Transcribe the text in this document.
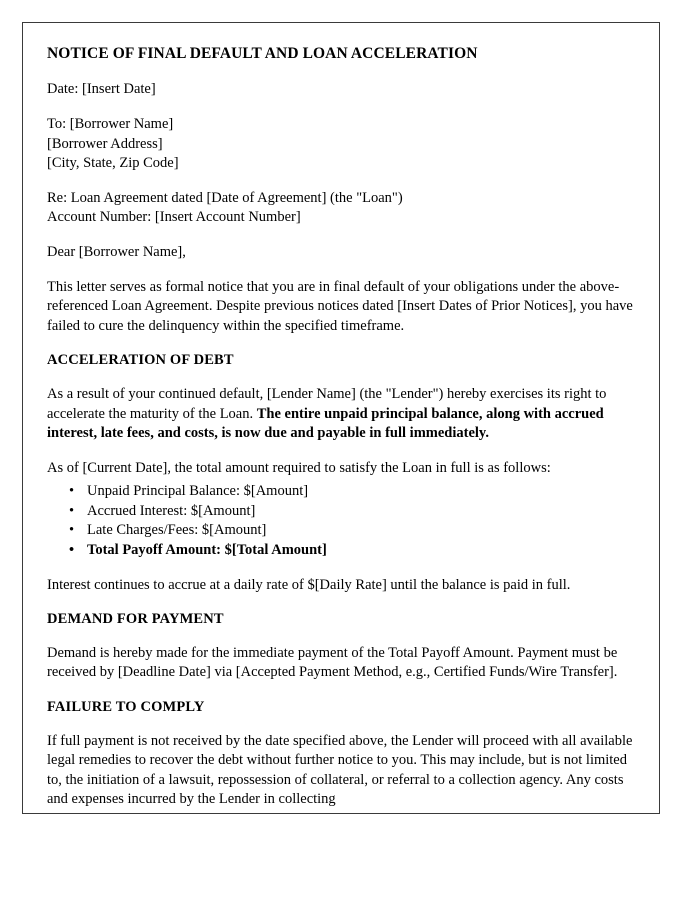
NOTICE OF FINAL DEFAULT AND LOAN ACCELERATION

Date: [Insert Date]

To: [Borrower Name]
[Borrower Address]
[City, State, Zip Code]
Re: Loan Agreement dated [Date of Agreement] (the "Loan")
Account Number: [Insert Account Number]

Dear [Borrower Name],

This letter serves as formal notice that you are in final default of your obligations under the above-referenced Loan Agreement. Despite previous notices dated [Insert Dates of Prior Notices], you have failed to cure the delinquency within the specified timeframe.

ACCELERATION OF DEBT

As a result of your continued default, [Lender Name] (the "Lender") hereby exercises its right to accelerate the maturity of the Loan. The entire unpaid principal balance, along with accrued interest, late fees, and costs, is now due and payable in full immediately.

As of [Current Date], the total amount required to satisfy the Loan in full is as follows:

• Unpaid Principal Balance: $[Amount]
• Accrued Interest: $[Amount]
• Late Charges/Fees: $[Amount]
• Total Payoff Amount: $[Total Amount]

Interest continues to accrue at a daily rate of $[Daily Rate] until the balance is paid in full.

DEMAND FOR PAYMENT

Demand is hereby made for the immediate payment of the Total Payoff Amount. Payment must be received by [Deadline Date] via [Accepted Payment Method, e.g., Certified Funds/Wire Transfer].

FAILURE TO COMPLY

If full payment is not received by the date specified above, the Lender will proceed with all available legal remedies to recover the debt without further notice to you. This may include, but is not limited to, the initiation of a lawsuit, repossession of collateral, or referral to a collection agency. Any costs and expenses incurred by the Lender in collecting
